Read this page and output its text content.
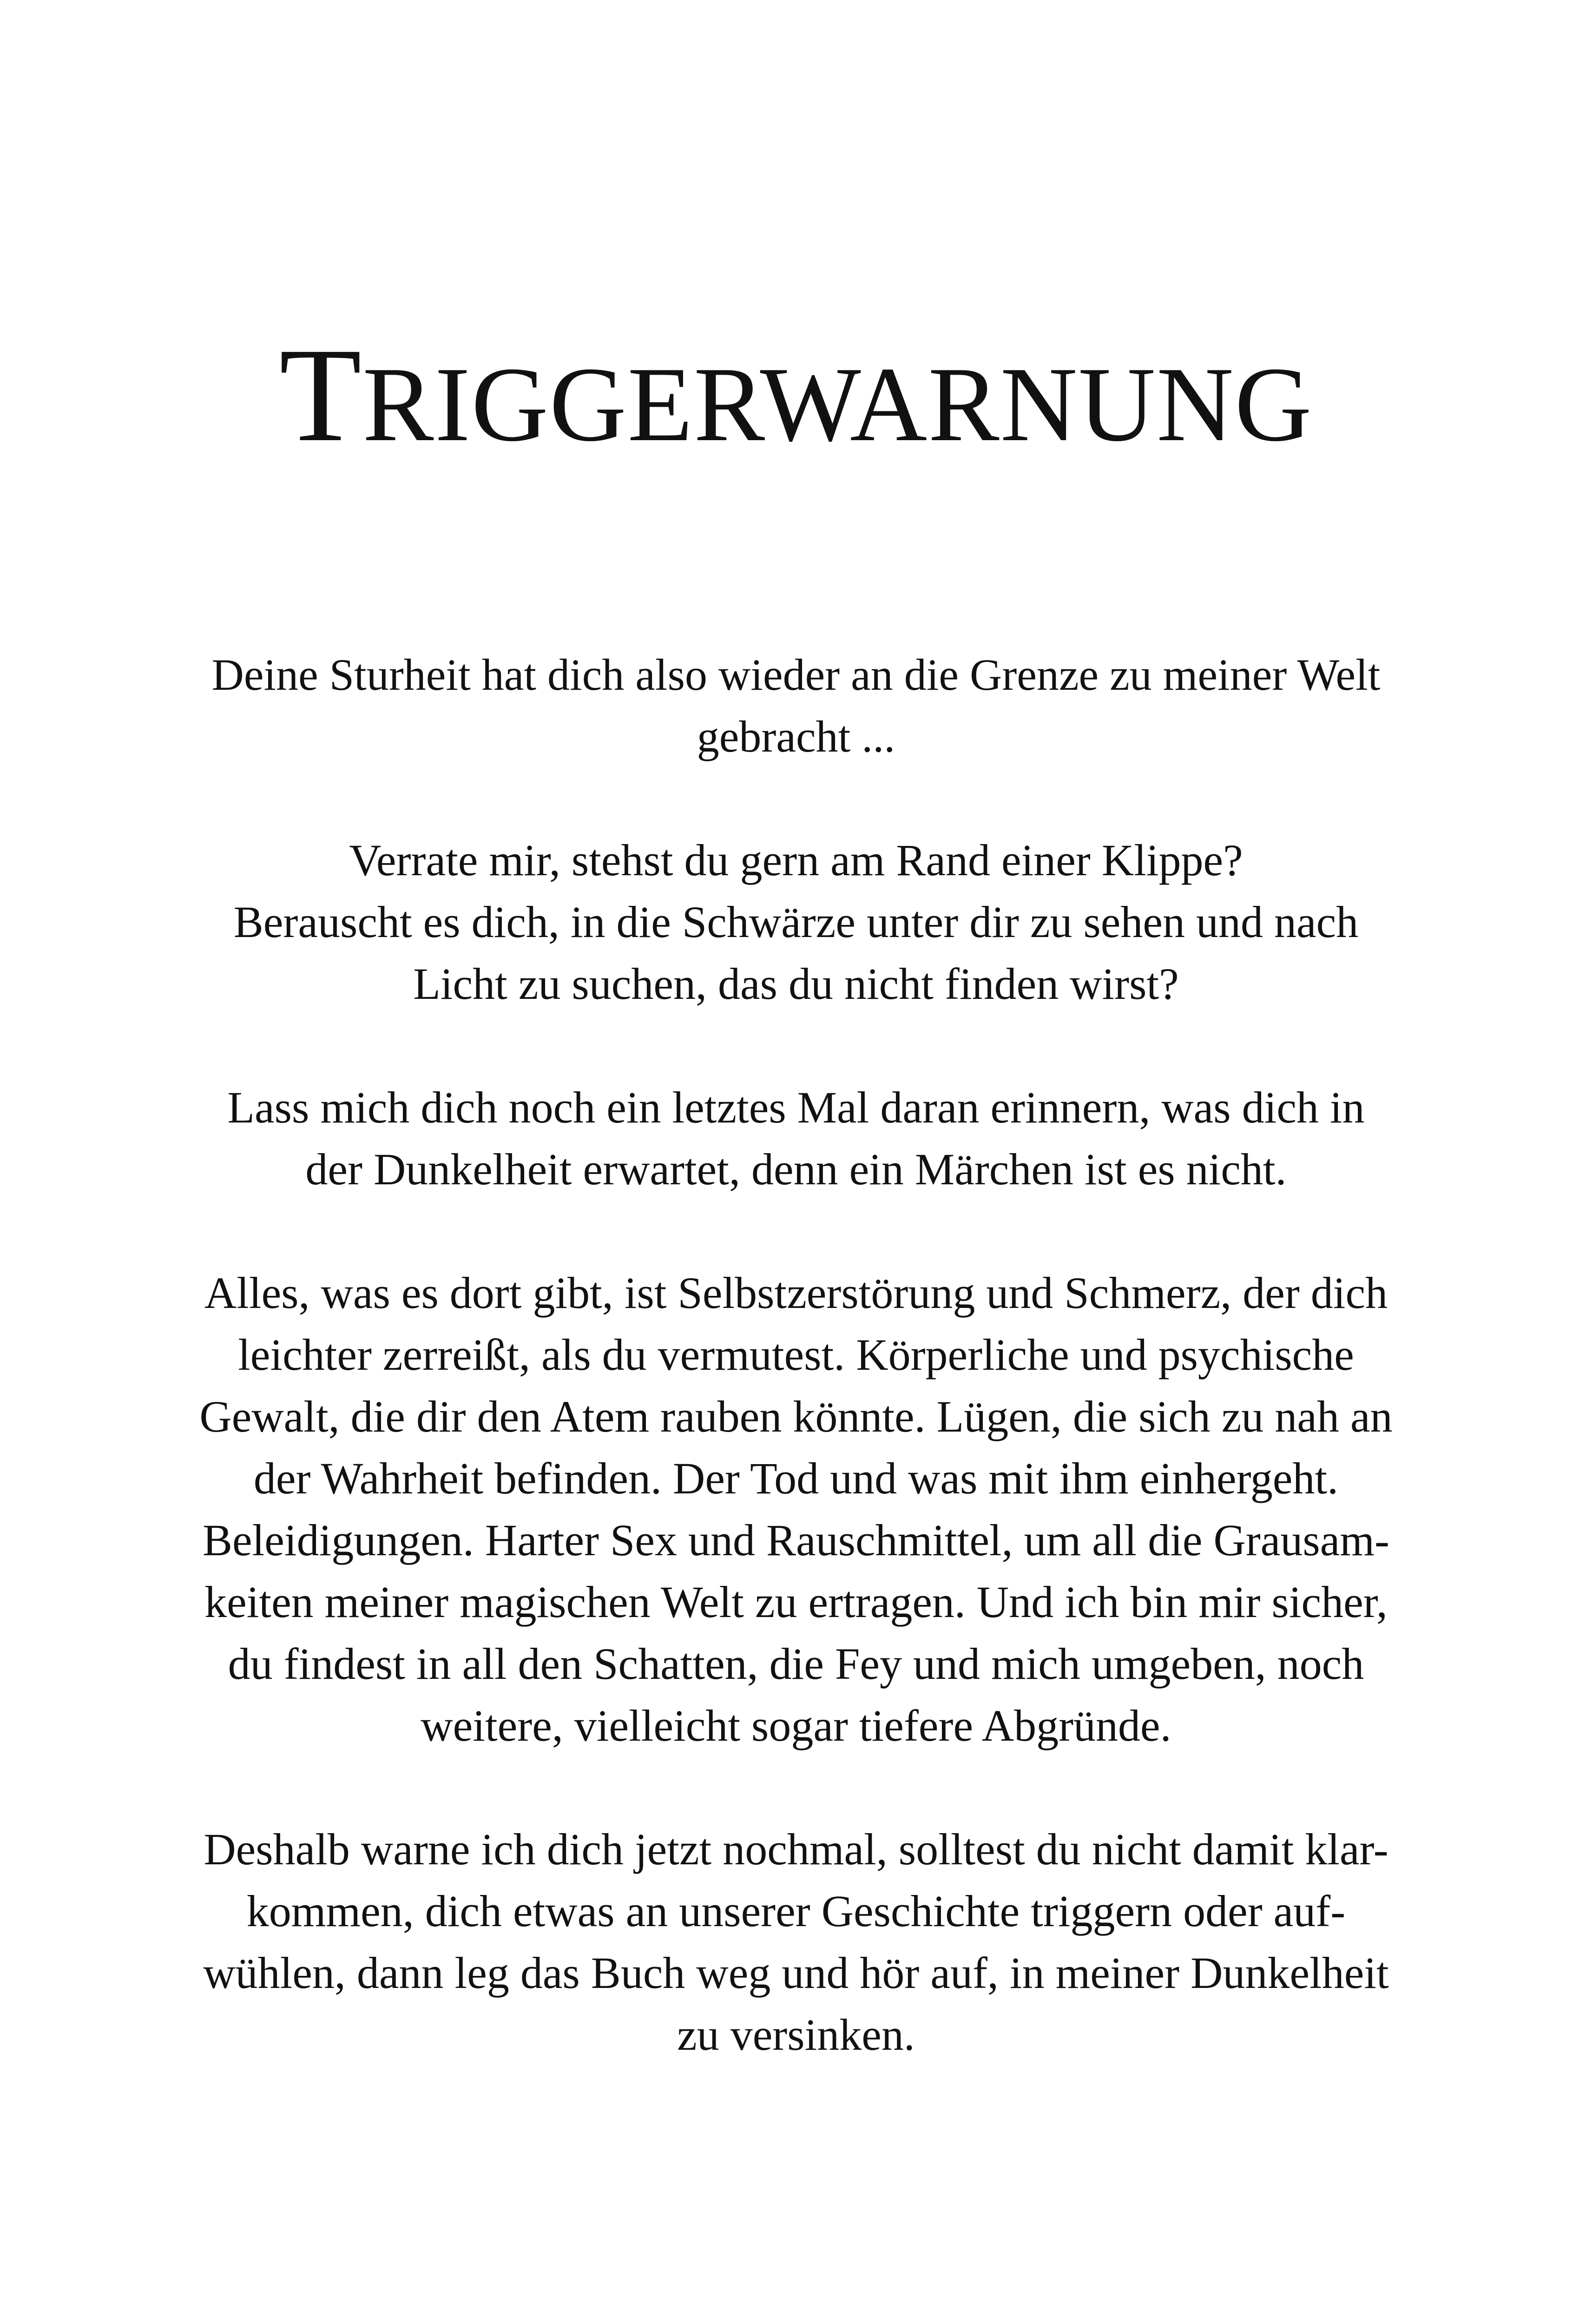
TRIGGERWARNUNG

Deine Sturheit hat dich also wieder an die Grenze zu meiner Welt
gebracht ...

Verrate mir, stehst du gern am Rand einer Klippe?
Berauscht es dich, in die Schwärze unter dir zu sehen und nach
Licht zu suchen, das du nicht finden wirst?

Lass mich dich noch ein letztes Mal daran erinnern, was dich in
der Dunkelheit erwartet, denn ein Märchen ist es nicht.

Alles, was es dort gibt, ist Selbstzerstörung und Schmerz, der dich
leichter zerreißt, als du vermutest. Körperliche und psychische
Gewalt, die dir den Atem rauben könnte. Lügen, die sich zu nah an
der Wahrheit befinden. Der Tod und was mit ihm einhergeht.
Beleidigungen. Harter Sex und Rauschmittel, um all die Grausam-
keiten meiner magischen Welt zu ertragen. Und ich bin mir sicher,
du findest in all den Schatten, die Fey und mich umgeben, noch
weitere, vielleicht sogar tiefere Abgründe.

Deshalb warne ich dich jetzt nochmal, solltest du nicht damit klar-
kommen, dich etwas an unserer Geschichte triggern oder auf-
wühlen, dann leg das Buch weg und hör auf, in meiner Dunkelheit
zu versinken.
